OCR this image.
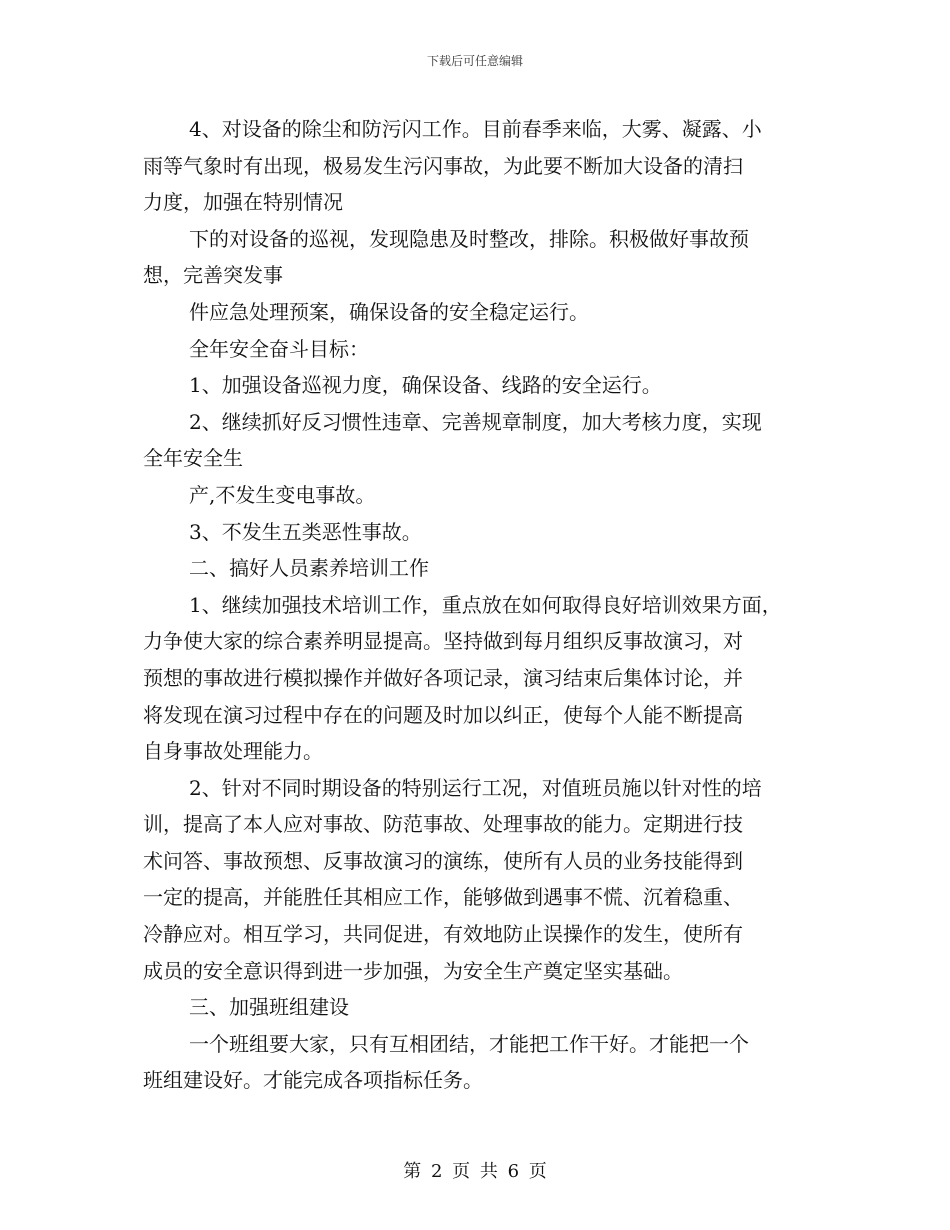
下载后可任意编辑
4、对设备的除尘和防污闪工作。目前春季来临，大雾、凝露、小
雨等气象时有出现，极易发生污闪事故，为此要不断加大设备的清扫
力度，加强在特别情况
下的对设备的巡视，发现隐患及时整改，排除。积极做好事故预
想，完善突发事
件应急处理预案，确保设备的安全稳定运行。
全年安全奋斗目标：
1、加强设备巡视力度，确保设备、线路的安全运行。
2、继续抓好反习惯性违章、完善规章制度，加大考核力度，实现
全年安全生
产,不发生变电事故。
3、不发生五类恶性事故。
二、搞好人员素养培训工作
1、继续加强技术培训工作，重点放在如何取得良好培训效果方面，
力争使大家的综合素养明显提高。坚持做到每月组织反事故演习，对
预想的事故进行模拟操作并做好各项记录，演习结束后集体讨论，并
将发现在演习过程中存在的问题及时加以纠正，使每个人能不断提高
自身事故处理能力。
2、针对不同时期设备的特别运行工况，对值班员施以针对性的培
训，提高了本人应对事故、防范事故、处理事故的能力。定期进行技
术问答、事故预想、反事故演习的演练，使所有人员的业务技能得到
一定的提高，并能胜任其相应工作，能够做到遇事不慌、沉着稳重、
冷静应对。相互学习，共同促进，有效地防止误操作的发生，使所有
成员的安全意识得到进一步加强，为安全生产奠定坚实基础。
三、加强班组建设
一个班组要大家，只有互相团结，才能把工作干好。才能把一个
班组建设好。才能完成各项指标任务。
第 2 页 共 6 页
